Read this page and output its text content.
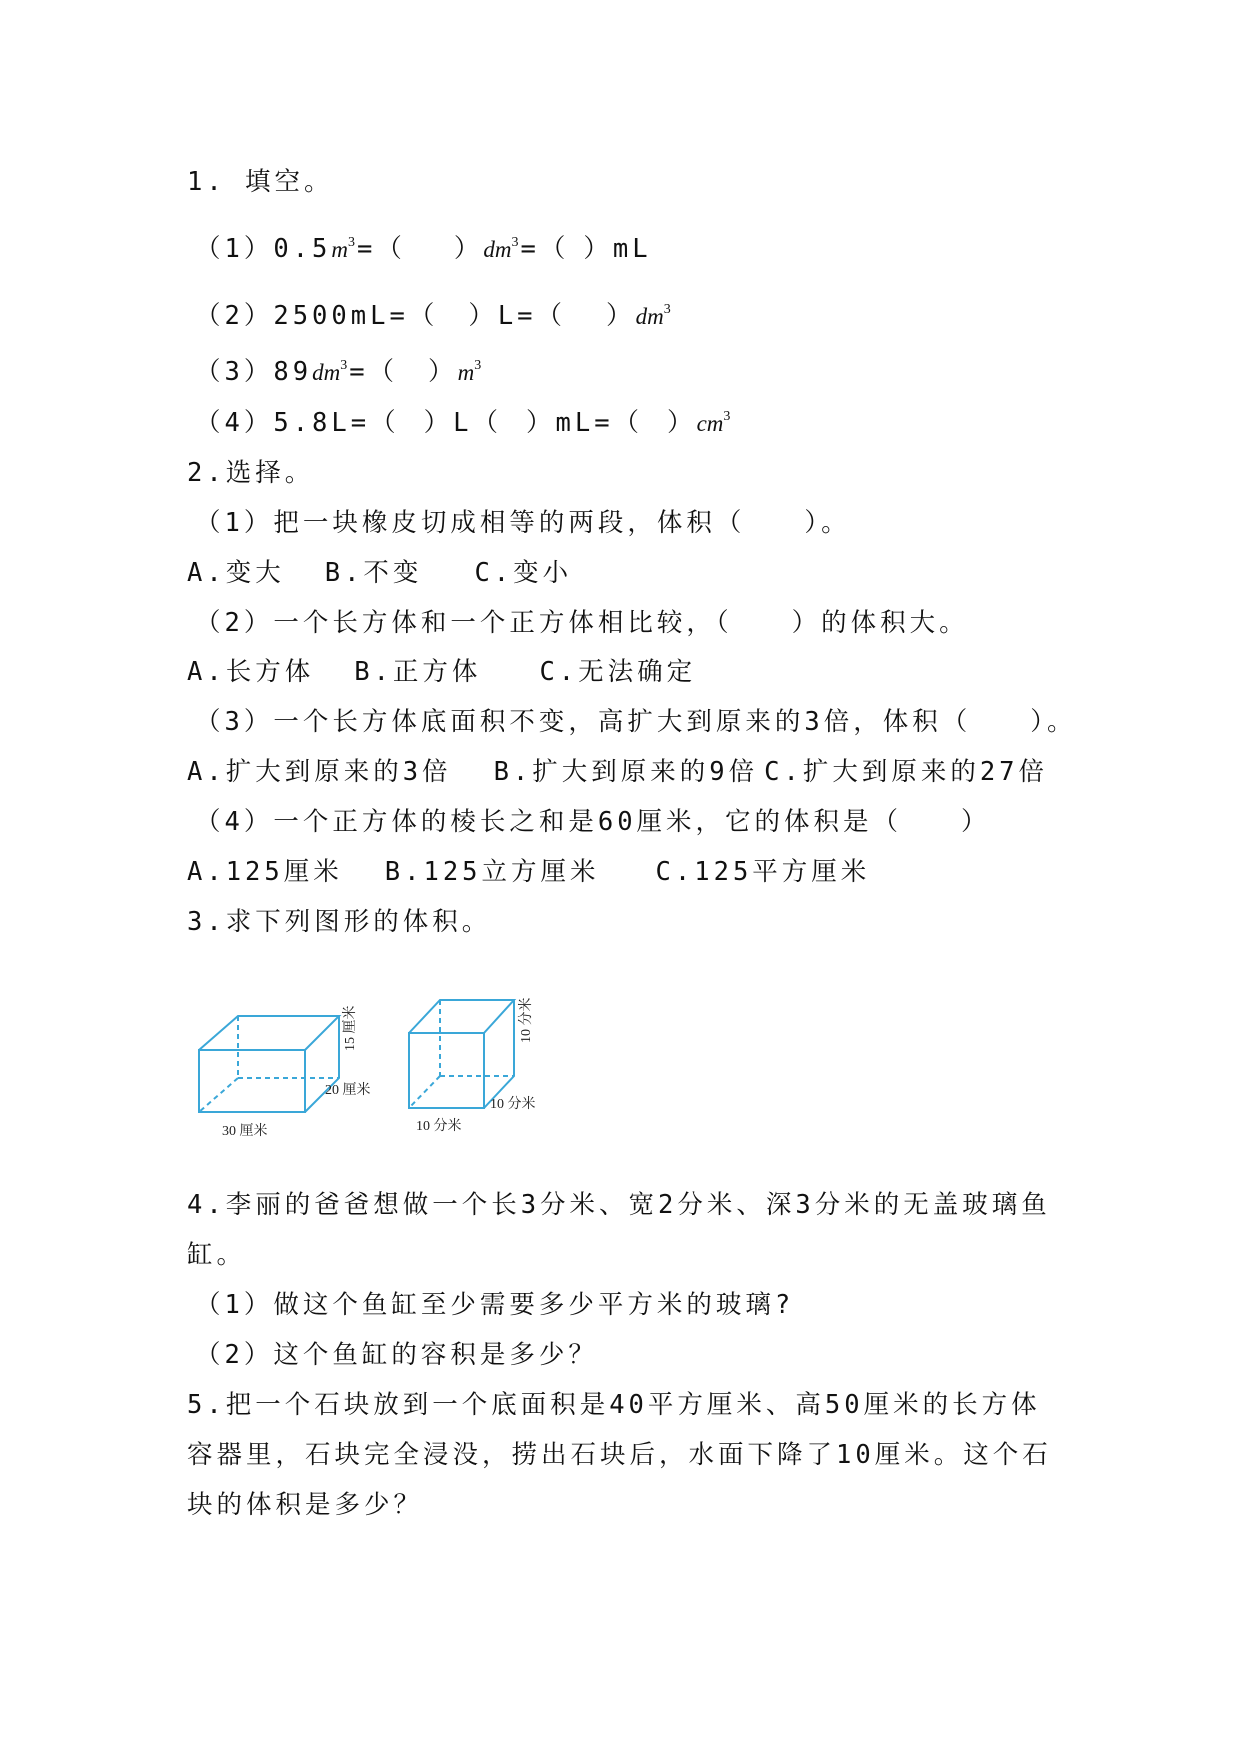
1. 填空。
$(1)0.5m^3=$（ ）$dm^3=$（ ）mL
（2）2500mL=（ ）L=（ ）$dm^3$
$(3)89dm^3=$（ ）$m^3$
（4）5.8L=（ ）L（ ）mL=（ ）$cm^3$
2.选择。
（1）把一块橡皮切成相等的两段，体积（　　）。
A.变大 B.不变 C.变小
（2）一个长方体和一个正方体相比较，（　　）的体积大。
A.长方体 B.正方体 C.无法确定
（3）一个长方体底面积不变，高扩大到原来的3倍，体积（　　）。
A.扩大到原来的3倍 B.扩大到原来的9倍 C.扩大到原来的27倍
（4）一个正方体的棱长之和是60厘米，它的体积是（　　）
A.125厘米 B.125立方厘米 C.125平方厘米
3.求下列图形的体积。
15 厘米
20 厘米
30 厘米
10 分米
10 分米
10 分米
4.李丽的爸爸想做一个长3分米、宽2分米、深3分米的无盖玻璃鱼
缸。
（1）做这个鱼缸至少需要多少平方米的玻璃?
（2）这个鱼缸的容积是多少？
5.把一个石块放到一个底面积是40平方厘米、高50厘米的长方体
容器里，石块完全浸没，捞出石块后，水面下降了10厘米。这个石
块的体积是多少？
